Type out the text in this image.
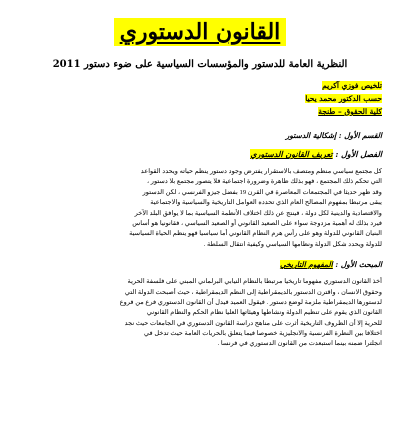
القانون الدستوري
النظرية العامة للدستور والمؤسسات السياسية على ضوء دستور 2011
تلخيص فوزي آكريم
حسب الدكتور محمد يحيا
كلية الحقوق – طنجة
القسم الأول : إشكالية الدستور
الفصل الأول : تعريف القانون الدستوري
كل مجتمع سياسي منظم ومتصف بالاستقرار يفترض وجود دستور ينظم حياته ويحدد القواعد
التي تحكم ذلك المجتمع ، فهو بذلك ظاهرة وضرورة اجتماعية فلا يتصور مجتمع بلا دستور ،
وقد ظهر حديثا في المجتمعات المعاصرة في القرن 19 بفضل جيزو الفرنسي ، لكن الدستور
يبقى مرتبطا بمفهوم المصالح العام الذي تحدده العوامل التاريخية والسياسية والاجتماعية
والاقتصادية والدينية لكل دولة ، فينتج عن ذلك اختلاف الأنظمة السياسية بما لا يوافق البلد الآخر
فيرد بذلك له أهمية مزدوجة سواء على الصعيد القانوني أو الصعيد السياسي ، فقانونيا هو أساس
البنيان القانوني للدولة وهو على رأس هرم النظام القانوني أما سياسيا فهو ينظم الحياة السياسية
للدولة ويحدد شكل الدولة ونظامها السياسي وكيفية انتقال السلطة .
المبحث الأول : المفهوم التاريخي
أخذ القانون الدستوري مفهوما تاريخيا مرتبطا بالنظام النيابي البرلماني المبني على فلسفة الحرية
وحقوق الانسان ، واقترن الدستور بالديمقراطية إلى النظم الديمقراطية ، حيث أصبحت الدولة التي
لدستورها الديمقراطية ملزمة لوضع دستور . فيقول العميد فيدل أن القانون الدستوري فرع من فروع
القانون الذي يقوم على تنظيم الدولة ونشاطها وهيئاتها العليا نظام الحكم والنظام القانوني
للحرية إلا أن الظروف التاريخية أثرت على مناهج دراسة القانون الدستوري في الجامعات حيث نجد
اختلافا بين النظرة الفرنسية والانجليزية خصوصا فيما يتعلق بالحريات العامة حيث تدخل في
انجلترا ضمنه بينما استبعدت من القانون الدستوري في فرنسا .
